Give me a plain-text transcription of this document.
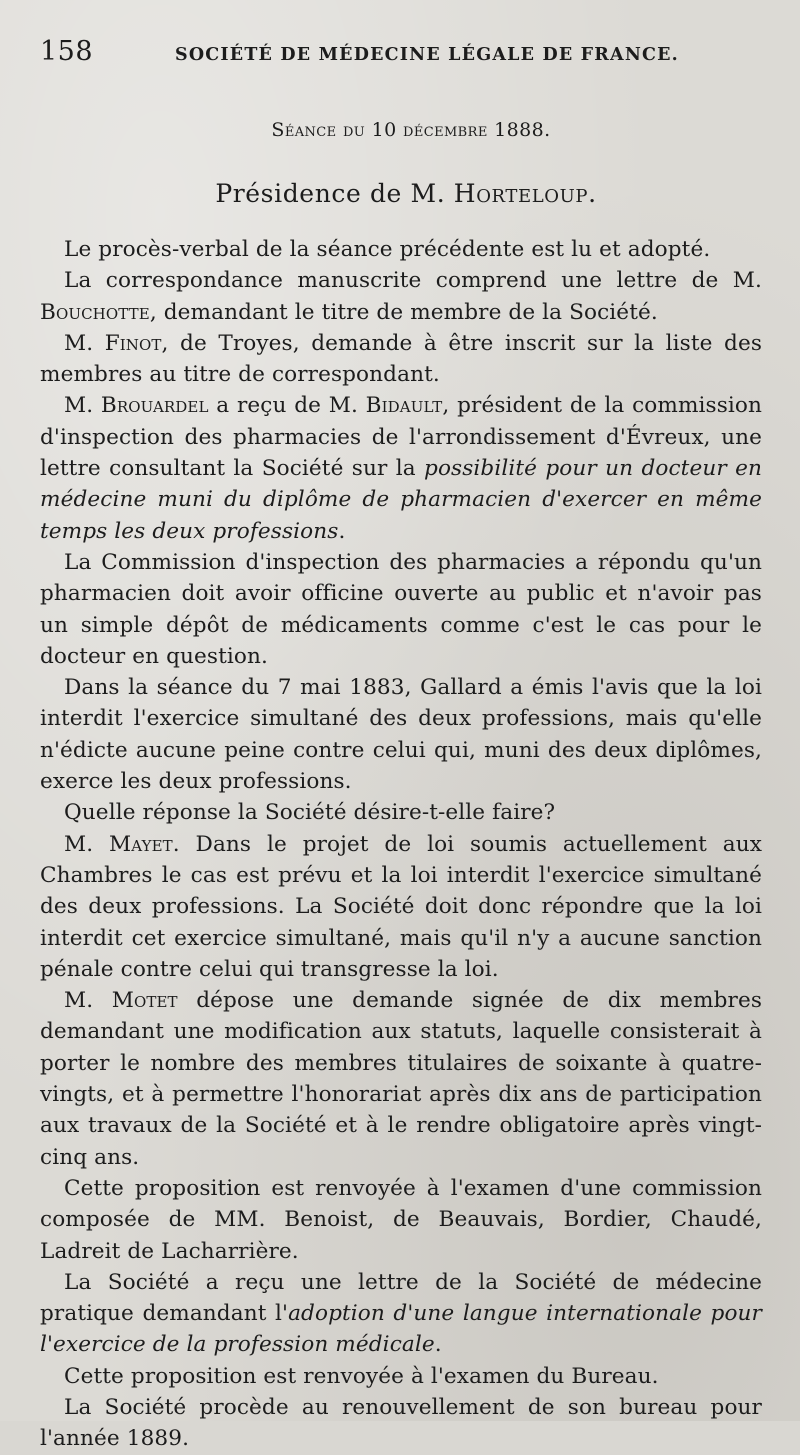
158	SOCIÉTÉ DE MÉDECINE LÉGALE DE FRANCE.
Séance du 10 décembre 1888.
Présidence de M. Horteloup.

Le procès-verbal de la séance précédente est lu et adopté.

La correspondance manuscrite comprend une lettre de M. Bouchotte, demandant le titre de membre de la Société.

M. Finot, de Troyes, demande à être inscrit sur la liste des membres au titre de correspondant.

M. Brouardel a reçu de M. Bidault, président de la commission d'inspection des pharmacies de l'arrondissement d'Évreux, une lettre consultant la Société sur la possibilité pour un docteur en médecine muni du diplôme de pharmacien d'exercer en même temps les deux professions.

La Commission d'inspection des pharmacies a répondu qu'un pharmacien doit avoir officine ouverte au public et n'avoir pas un simple dépôt de médicaments comme c'est le cas pour le docteur en question.

Dans la séance du 7 mai 1883, Gallard a émis l'avis que la loi interdit l'exercice simultané des deux professions, mais qu'elle n'édicte aucune peine contre celui qui, muni des deux diplômes, exerce les deux professions.

Quelle réponse la Société désire-t-elle faire?

M. Mayet. Dans le projet de loi soumis actuellement aux Chambres le cas est prévu et la loi interdit l'exercice simultané des deux professions. La Société doit donc répondre que la loi interdit cet exercice simultané, mais qu'il n'y a aucune sanction pénale contre celui qui transgresse la loi.

M. Motet dépose une demande signée de dix membres demandant une modification aux statuts, laquelle consisterait à porter le nombre des membres titulaires de soixante à quatre-vingts, et à permettre l'honorariat après dix ans de participation aux travaux de la Société et à le rendre obligatoire après vingt-cinq ans.

Cette proposition est renvoyée à l'examen d'une commission composée de MM. Benoist, de Beauvais, Bordier, Chaudé, Ladreit de Lacharrière.

La Société a reçu une lettre de la Société de médecine pratique demandant l'adoption d'une langue internationale pour l'exercice de la profession médicale.

Cette proposition est renvoyée à l'examen du Bureau.

La Société procède au renouvellement de son bureau pour l'année 1889.
